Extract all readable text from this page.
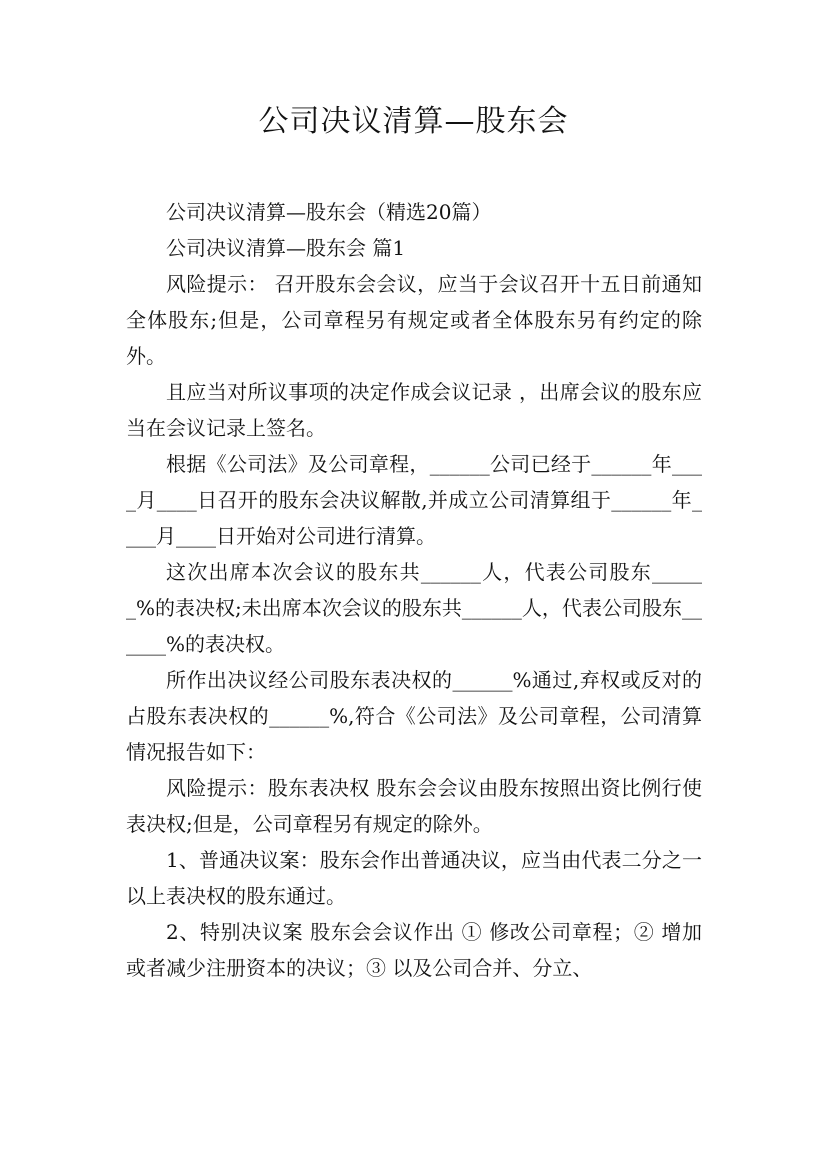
公司决议清算—股东会

公司决议清算—股东会（精选20篇）

公司决议清算—股东会 篇1

风险提示： 召开股东会会议，应当于会议召开十五日前通知全体股东;但是，公司章程另有规定或者全体股东另有约定的除外。

且应当对所议事项的决定作成会议记录 ，出席会议的股东应当在会议记录上签名。

根据《公司法》及公司章程，______公司已经于______年____月____日召开的股东会决议解散,并成立公司清算组于______年____月____日开始对公司进行清算。

这次出席本次会议的股东共______人，代表公司股东______%的表决权;未出席本次会议的股东共______人，代表公司股东______%的表决权。

所作出决议经公司股东表决权的______%通过,弃权或反对的占股东表决权的______%,符合《公司法》及公司章程，公司清算情况报告如下：

风险提示：股东表决权 股东会会议由股东按照出资比例行使表决权;但是，公司章程另有规定的除外。

1、普通决议案：股东会作出普通决议，应当由代表二分之一以上表决权的股东通过。

2、特别决议案 股东会会议作出 ① 修改公司章程；② 增加或者减少注册资本的决议；③ 以及公司合并、分立、
